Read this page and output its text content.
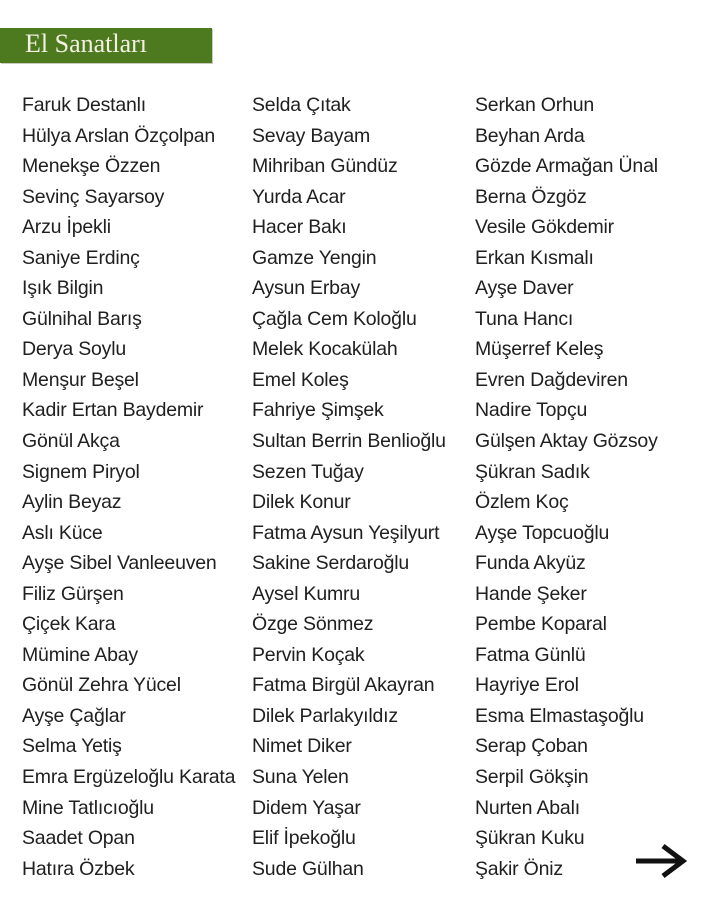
El Sanatları
Faruk Destanlı
Hülya Arslan Özçolpan
Menekşe Özzen
Sevinç Sayarsoy
Arzu İpekli
Saniye Erdinç
Işık Bilgin
Gülnihal Barış
Derya Soylu
Menşur Beşel
Kadir Ertan Baydemir
Gönül Akça
Signem Piryol
Aylin Beyaz
Aslı Küce
Ayşe Sibel Vanleeuven
Filiz Gürşen
Çiçek Kara
Mümine Abay
Gönül Zehra Yücel
Ayşe Çağlar
Selma Yetiş
Emra Ergüzeloğlu Karata
Mine Tatlıcıoğlu
Saadet Opan
Hatıra Özbek
Selda Çıtak
Sevay Bayam
Mihriban Gündüz
Yurda Acar
Hacer Bakı
Gamze Yengin
Aysun Erbay
Çağla Cem Koloğlu
Melek Kocakülah
Emel Koleş
Fahriye Şimşek
Sultan Berrin Benlioğlu
Sezen Tuğay
Dilek Konur
Fatma Aysun Yeşilyurt
Sakine Serdaroğlu
Aysel Kumru
Özge Sönmez
Pervin Koçak
Fatma Birgül Akayran
Dilek Parlakyıldız
Nimet Diker
Suna Yelen
Didem Yaşar
Elif İpekoğlu
Sude Gülhan
Serkan Orhun
Beyhan Arda
Gözde Armağan Ünal
Berna Özgöz
Vesile Gökdemir
Erkan Kısmalı
Ayşe Daver
Tuna Hancı
Müşerref Keleş
Evren Dağdeviren
Nadire Topçu
Gülşen Aktay Gözsoy
Şükran Sadık
Özlem Koç
Ayşe Topcuoğlu
Funda Akyüz
Hande Şeker
Pembe Koparal
Fatma Günlü
Hayriye Erol
Esma Elmastaşoğlu
Serap Çoban
Serpil Gökşin
Nurten Abalı
Şükran Kuku
Şakir Öniz
